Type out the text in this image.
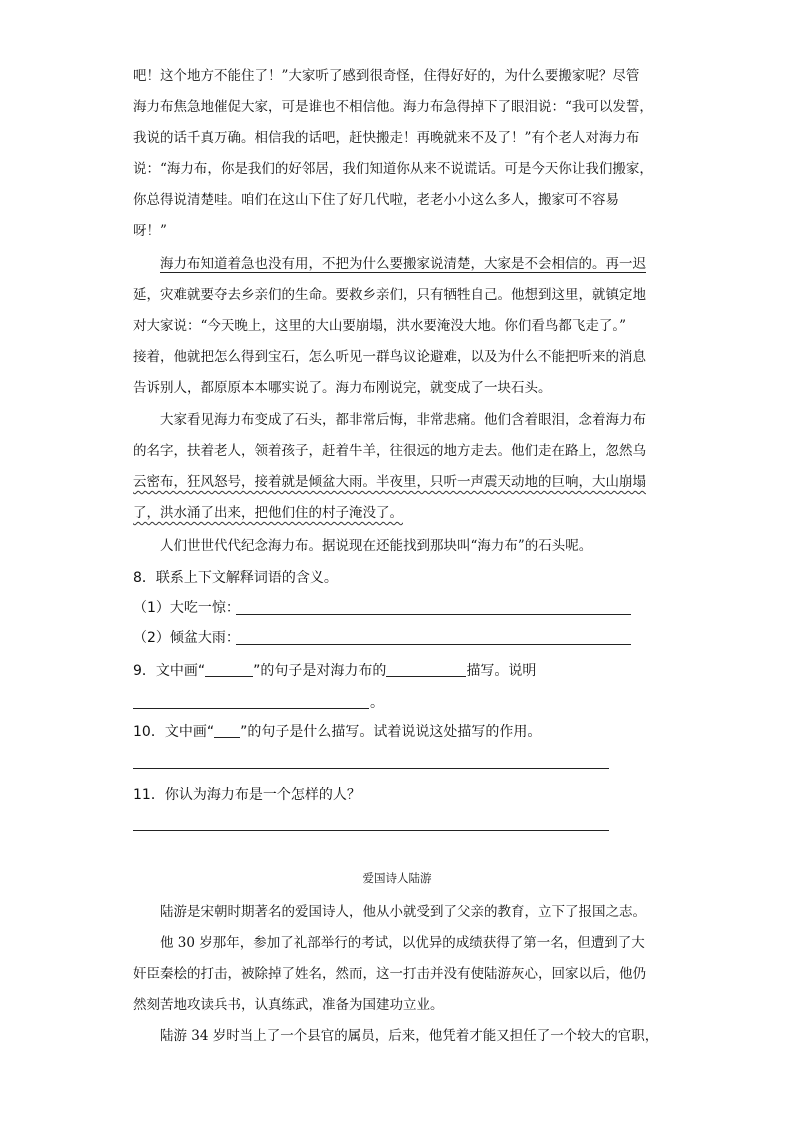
吧！这个地方不能住了！”大家听了感到很奇怪，住得好好的，为什么要搬家呢？尽管
海力布焦急地催促大家，可是谁也不相信他。海力布急得掉下了眼泪说：“我可以发誓，
我说的话千真万确。相信我的话吧，赶快搬走！再晚就来不及了！”有个老人对海力布
说：“海力布，你是我们的好邻居，我们知道你从来不说谎话。可是今天你让我们搬家，
你总得说清楚哇。咱们在这山下住了好几代啦，老老小小这么多人，搬家可不容易
呀！”
海力布知道着急也没有用，不把为什么要搬家说清楚，大家是不会相信的。再一迟
延，灾难就要夺去乡亲们的生命。要救乡亲们，只有牺牲自己。他想到这里，就镇定地
对大家说：“今天晚上，这里的大山要崩塌，洪水要淹没大地。你们看鸟都飞走了。”
接着，他就把怎么得到宝石，怎么听见一群鸟议论避难，以及为什么不能把听来的消息
告诉别人，都原原本本哪实说了。海力布刚说完，就变成了一块石头。
大家看见海力布变成了石头，都非常后悔，非常悲痛。他们含着眼泪，念着海力布
的名字，扶着老人，领着孩子，赶着牛羊，往很远的地方走去。他们走在路上，忽然乌
云密布，狂风怒号，接着就是倾盆大雨。半夜里，只听一声震天动地的巨响，大山崩塌
了，洪水涌了出来，把他们住的村子淹没了。
人们世世代代纪念海力布。据说现在还能找到那块叫“海力布”的石头呢。
8．联系上下文解释词语的含义。
（1）大吃一惊：
（2）倾盆大雨：
9．文中画“	”的句子是对海力布的	描写。说明
。
10．文中画“ ”的句子是什么描写。试着说说这处描写的作用。
11．你认为海力布是一个怎样的人？
爱国诗人陆游
陆游是宋朝时期著名的爱国诗人，他从小就受到了父亲的教育，立下了报国之志。
他 30 岁那年，参加了礼部举行的考试，以优异的成绩获得了第一名，但遭到了大
奸臣秦桧的打击，被除掉了姓名，然而，这一打击并没有使陆游灰心，回家以后，他仍
然刻苦地攻读兵书，认真练武，准备为国建功立业。
陆游 34 岁时当上了一个县官的属员，后来，他凭着才能又担任了一个较大的官职，
